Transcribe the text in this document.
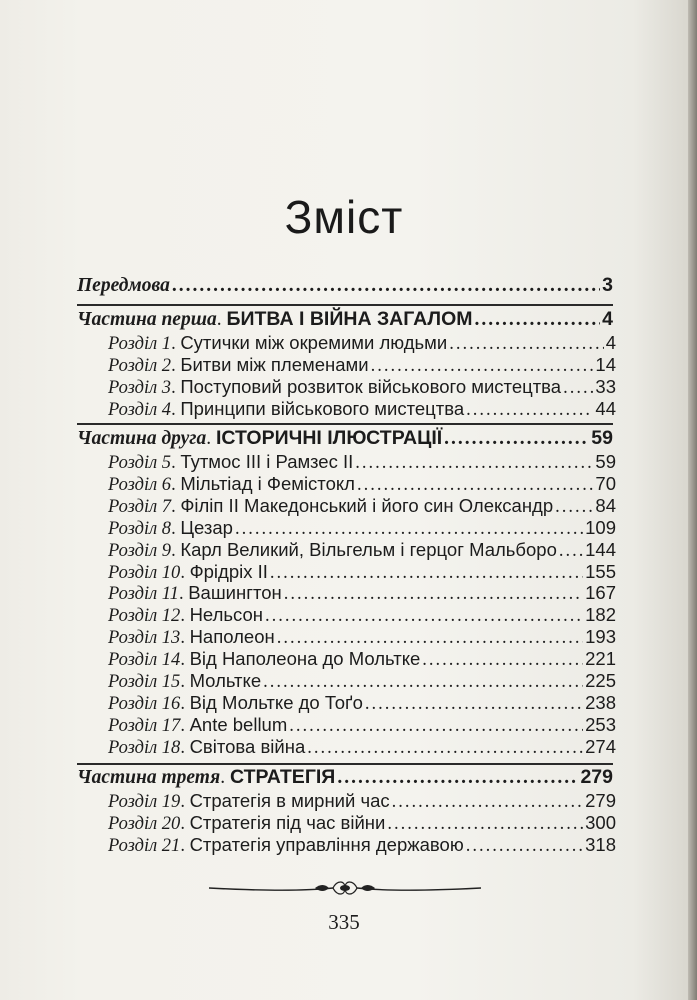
Зміст
Передмова .....	3
Частина перша. БИТВА І ВІЙНА ЗАГАЛОМ .....	4
Розділ 1. Сутички між окремими людьми .....	4
Розділ 2. Битви між племенами .....	14
Розділ 3. Поступовий розвиток військового мистецтва ..... 33
Розділ 4. Принципи військового мистецтва .....	44
Частина друга. ІСТОРИЧНІ ІЛЮСТРАЦІЇ .....	59
Розділ 5. Тутмос ІІІ і Рамзес ІІ .....	59
Розділ 6. Мільтіад і Фемістокл .....	70
Розділ 7. Філіп ІІ Македонський і його син Олександр ..... 84
Розділ 8. Цезар .....	109
Розділ 9. Карл Великий, Вільгельм і герцог Мальборо ..... 144
Розділ 10. Фрідріх ІІ .....	155
Розділ 11. Вашингтон .....	167
Розділ 12. Нельсон .....	182
Розділ 13. Наполеон .....	193
Розділ 14. Від Наполеона до Мольтке .....	221
Розділ 15. Мольтке .....	225
Розділ 16. Від Мольтке до Тоґо .....	238
Розділ 17. Ante bellum .....	253
Розділ 18. Світова війна .....	274
Частина третя. СТРАТЕГІЯ .....	279
Розділ 19. Стратегія в мирний час .....	279
Розділ 20. Стратегія під час війни .....	300
Розділ 21. Стратегія управління державою .....	318
335
